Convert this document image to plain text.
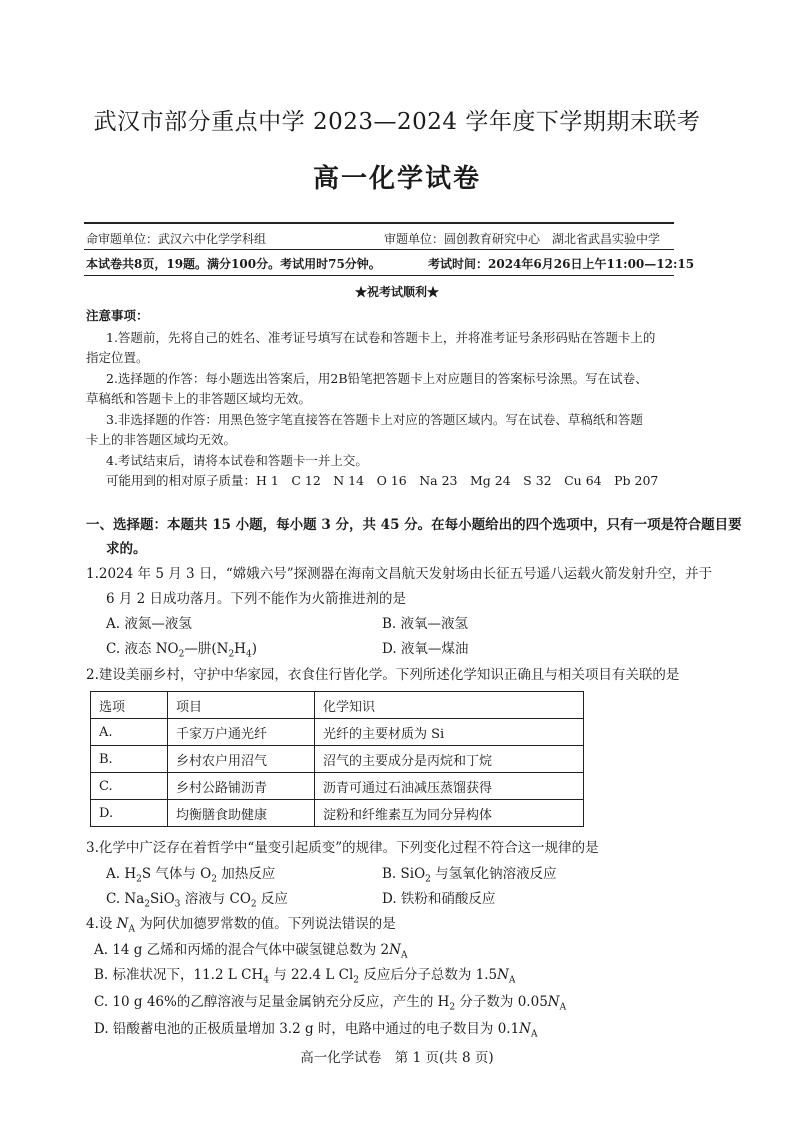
武汉市部分重点中学 2023—2024 学年度下学期期末联考
高一化学试卷
命审题单位：武汉六中化学学科组	审题单位：圆创教育研究中心　湖北省武昌实验中学
本试卷共8页，19题。满分100分。考试用时75分钟。	考试时间：2024年6月26日上午11:00—12:15
★祝考试顺利★
注意事项：
1.答题前，先将自己的姓名、准考证号填写在试卷和答题卡上，并将准考证号条形码贴在答题卡上的
指定位置。
2.选择题的作答：每小题选出答案后，用2B铅笔把答题卡上对应题目的答案标号涂黑。写在试卷、
草稿纸和答题卡上的非答题区域均无效。
3.非选择题的作答：用黑色签字笔直接答在答题卡上对应的答题区域内。写在试卷、草稿纸和答题
卡上的非答题区域均无效。
4.考试结束后，请将本试卷和答题卡一并上交。
可能用到的相对原子质量：H 1　C 12　N 14　O 16　Na 23　Mg 24　S 32　Cu 64　Pb 207
一、选择题：本题共 15 小题，每小题 3 分，共 45 分。在每小题给出的四个选项中，只有一项是符合题目要
求的。
1.2024 年 5 月 3 日，“嫦娥六号”探测器在海南文昌航天发射场由长征五号遥八运载火箭发射升空，并于
6 月 2 日成功落月。下列不能作为火箭推进剂的是
A. 液氮—液氢	B. 液氧—液氢
C. 液态 $NO_2—$肼$(N_2H_4)$	D. 液氧—煤油
2.建设美丽乡村，守护中华家园，衣食住行皆化学。下列所述化学知识正确且与相关项目有关联的是
选项	项目	化学知识
A.	千家万户通光纤	光纤的主要材质为 Si
B.	乡村农户用沼气	沼气的主要成分是丙烷和丁烷
C.	乡村公路铺沥青	沥青可通过石油减压蒸馏获得
D.	均衡膳食助健康	淀粉和纤维素互为同分异构体
3.化学中广泛存在着哲学中“量变引起质变”的规律。下列变化过程不符合这一规律的是
A. $H_2S$ 气体与 $O_2$ 加热反应	B. SiO$_2$ 与氢氧化钠溶液反应
C. $Na_2SiO_3$ 溶液与 $CO_2$ 反应	D. 铁粉和硝酸反应
4.设 $N_A$ 为阿伏加德罗常数的值。下列说法错误的是
A. 14 g 乙烯和丙烯的混合气体中碳氢键总数为 $2N_A$
B. 标准状况下，11.2 L $CH_4$ 与 22.4 L $Cl_2$ 反应后分子总数为 $1.5N_A$
C. 10 g 46%的乙醇溶液与足量金属钠充分反应，产生的 $H_2$ 分子数为 $0.05N_A$
D. 铅酸蓄电池的正极质量增加 3.2 g 时，电路中通过的电子数目为 $0.1N_A$
高一化学试卷　第 1 页(共 8 页)
